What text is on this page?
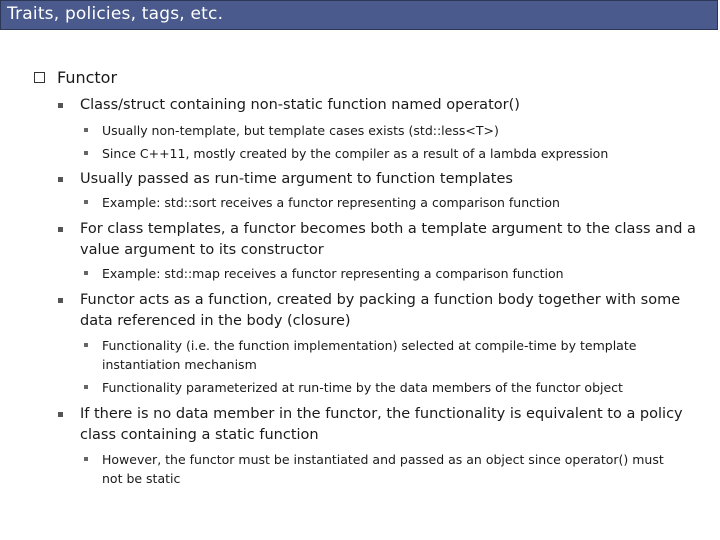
Traits, policies, tags, etc.
Functor
Class/struct containing non-static function named operator()
Usually non-template, but template cases exists (std::less<T>)
Since C++11, mostly created by the compiler as a result of a lambda expression
Usually passed as run-time argument to function templates
Example: std::sort receives a functor representing a comparison function
For class templates, a functor becomes both a template argument to the class and a value argument to its constructor
Example: std::map receives a functor representing a comparison function
Functor acts as a function, created by packing a function body together with some data referenced in the body (closure)
Functionality (i.e. the function implementation) selected at compile-time by template instantiation mechanism
Functionality parameterized at run-time by the data members of the functor object
If there is no data member in the functor, the functionality is equivalent to a policy class containing a static function
However, the functor must be instantiated and passed as an object since operator() must not be static
